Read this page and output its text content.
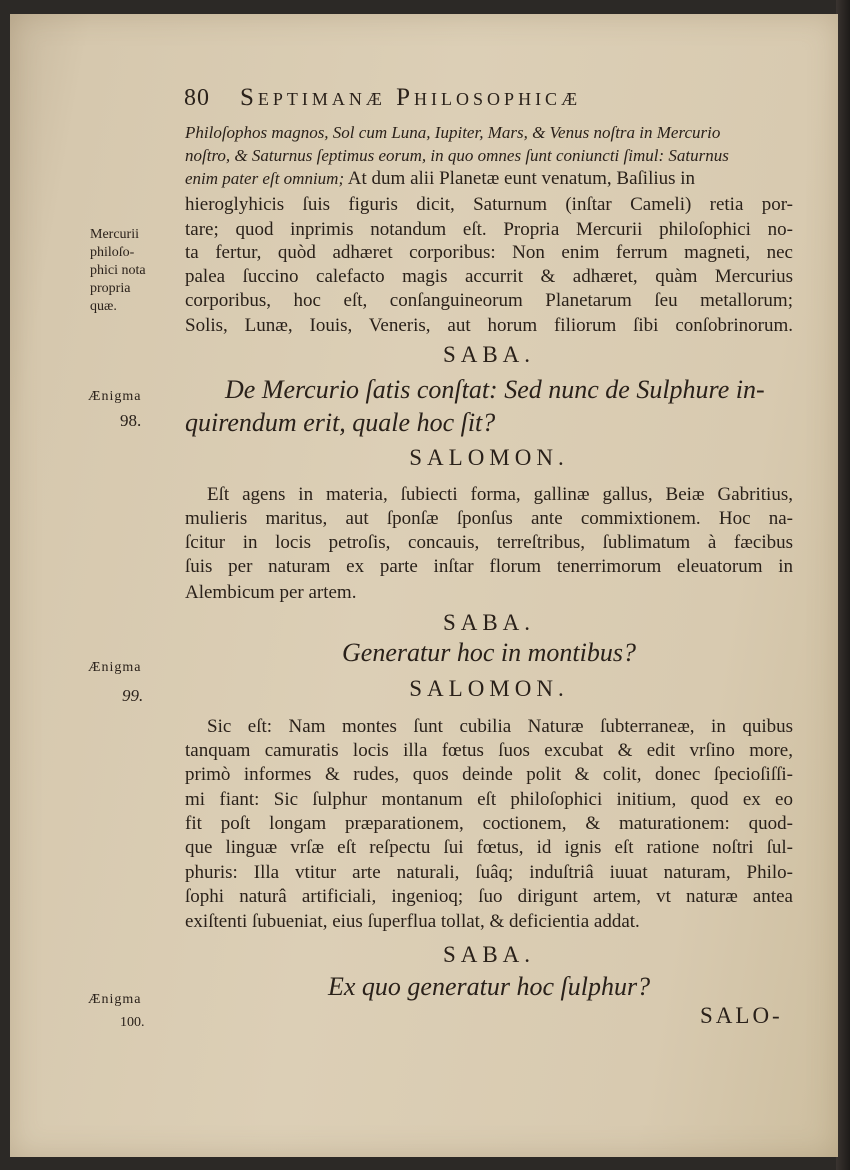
80 Septimanæ Philosophicæ
Mercurii
philoſo-
phici nota
propria
quæ.
Philoſophos magnos, Sol cum Luna, Iupiter, Mars, & Venus noſtra in Mercurio
noſtro, & Saturnus ſeptimus eorum, in quo omnes ſunt coniuncti ſimul: Saturnus
enim pater eſt omnium; At dum alii Planetæ eunt venatum, Baſilius in
hieroglyhicis ſuis figuris dicit, Saturnum (inſtar Cameli) retia por-
tare; quod inprimis notandum eſt. Propria Mercurii philoſophici no-
ta fertur, quòd adhæret corporibus: Non enim ferrum magneti, nec
palea ſuccino calefacto magis accurrit & adhæret, quàm Mercurius
corporibus, hoc eſt, conſanguineorum Planetarum ſeu metallorum;
Solis, Lunæ, Iouis, Veneris, aut horum filiorum ſibi conſobrinorum.
SABA.
Ænigma
98.
De Mercurio ſatis conſtat: Sed nunc de Sulphure in-
quirendum erit, quale hoc ſit?
SALOMON.
Eſt agens in materia, ſubiecti forma, gallinæ gallus, Beiæ Gabritius,
mulieris maritus, aut ſponſæ ſponſus ante commixtionem. Hoc na-
ſcitur in locis petroſis, concauis, terreſtribus, ſublimatum à fæcibus
ſuis per naturam ex parte inſtar florum tenerrimorum eleuatorum in
Alembicum per artem.
SABA.
Ænigma
99.
Generatur hoc in montibus?
SALOMON.
Sic eſt: Nam montes ſunt cubilia Naturæ ſubterraneæ, in quibus
tanquam camuratis locis illa fœtus ſuos excubat & edit vrſino more,
primò informes & rudes, quos deinde polit & colit, donec ſpecioſiſſi-
mi fiant: Sic ſulphur montanum eſt philoſophici initium, quod ex eo
fit poſt longam præparationem, coctionem, & maturationem: quod-
que linguæ vrſæ eſt reſpectu ſui fœtus, id ignis eſt ratione noſtri ſul-
phuris: Illa vtitur arte naturali, ſuâq; induſtriâ iuuat naturam, Philo-
ſophi naturâ artificiali, ingenioq; ſuo dirigunt artem, vt naturæ antea
exiſtenti ſubueniat, eius ſuperflua tollat, & deficientia addat.
SABA.
Ænigma
100.
Ex quo generatur hoc ſulphur?
SALO-
